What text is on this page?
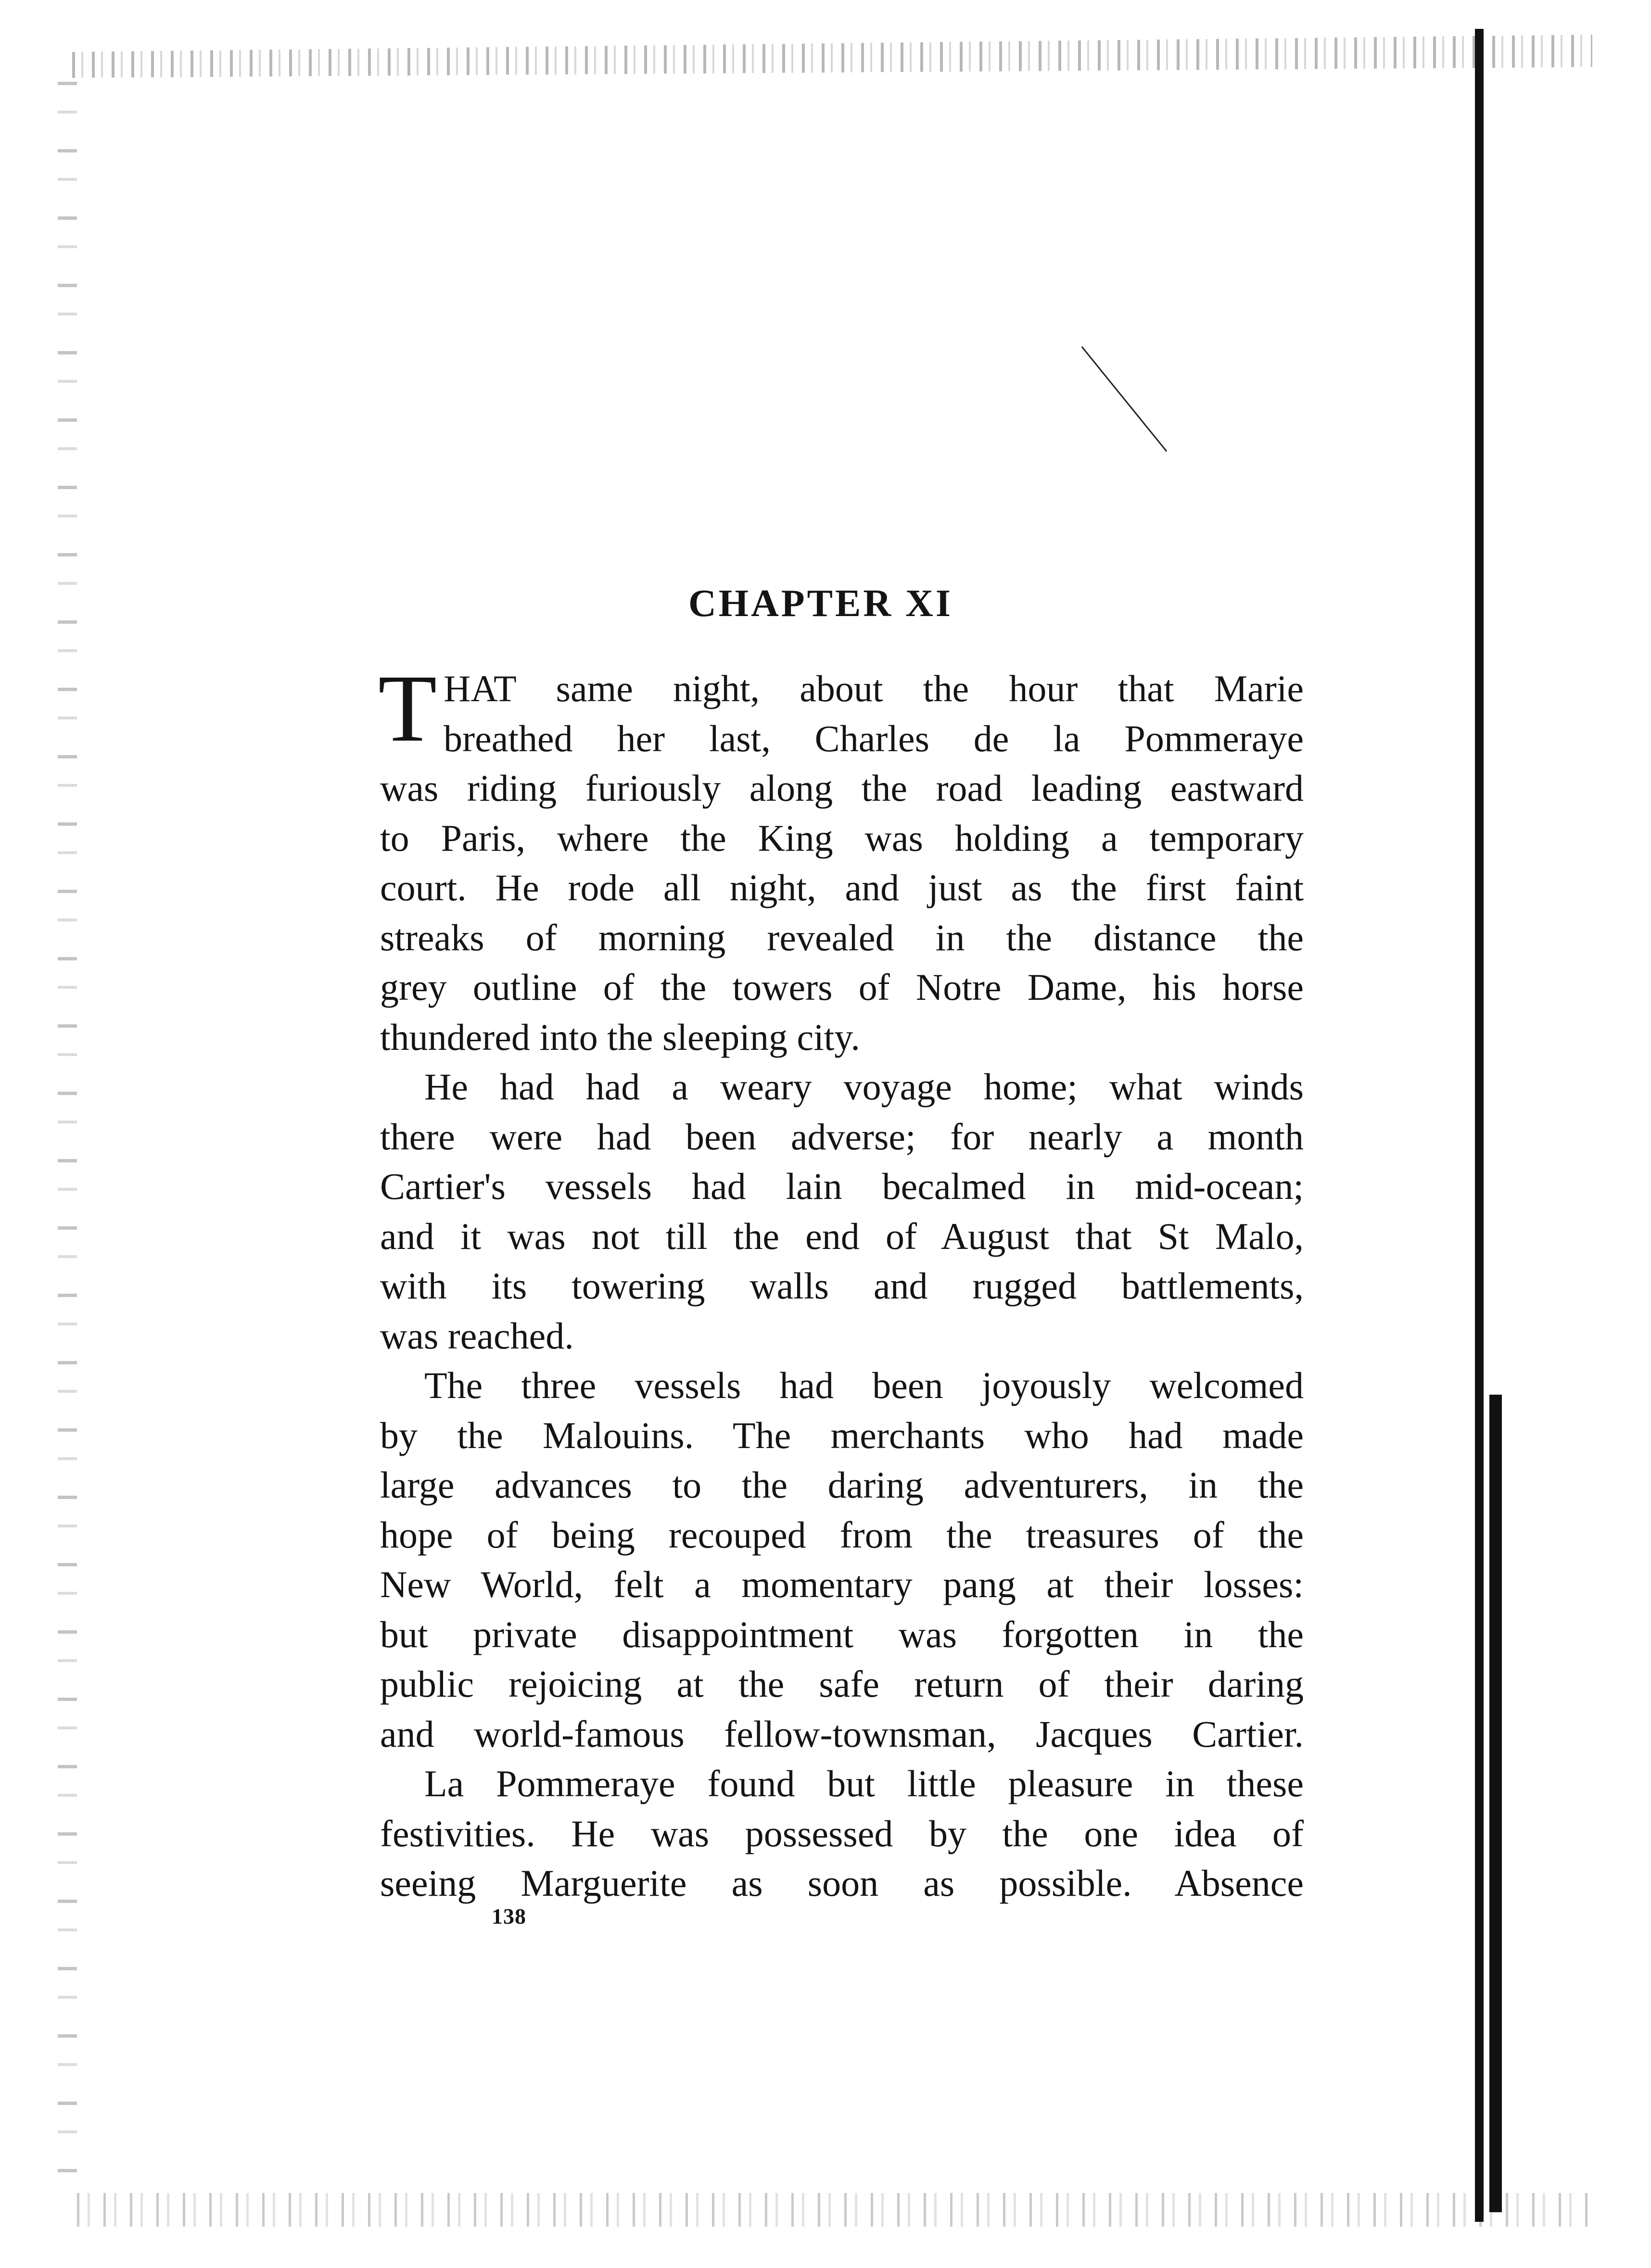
CHAPTER XI
T HAT same night, about the hour that Marie
breathed her last, Charles de la Pommeraye
was riding furiously along the road leading eastward
to Paris, where the King was holding a temporary
court. He rode all night, and just as the first faint
streaks of morning revealed in the distance the
grey outline of the towers of Notre Dame, his horse
thundered into the sleeping city.
He had had a weary voyage home; what winds
there were had been adverse; for nearly a month
Cartier's vessels had lain becalmed in mid-ocean;
and it was not till the end of August that St Malo,
with its towering walls and rugged battlements,
was reached.
The three vessels had been joyously welcomed
by the Malouins. The merchants who had made
large advances to the daring adventurers, in the
hope of being recouped from the treasures of the
New World, felt a momentary pang at their losses:
but private disappointment was forgotten in the
public rejoicing at the safe return of their daring
and world-famous fellow-townsman, Jacques Cartier.
La Pommeraye found but little pleasure in these
festivities. He was possessed by the one idea of
seeing Marguerite as soon as possible. Absence
138
